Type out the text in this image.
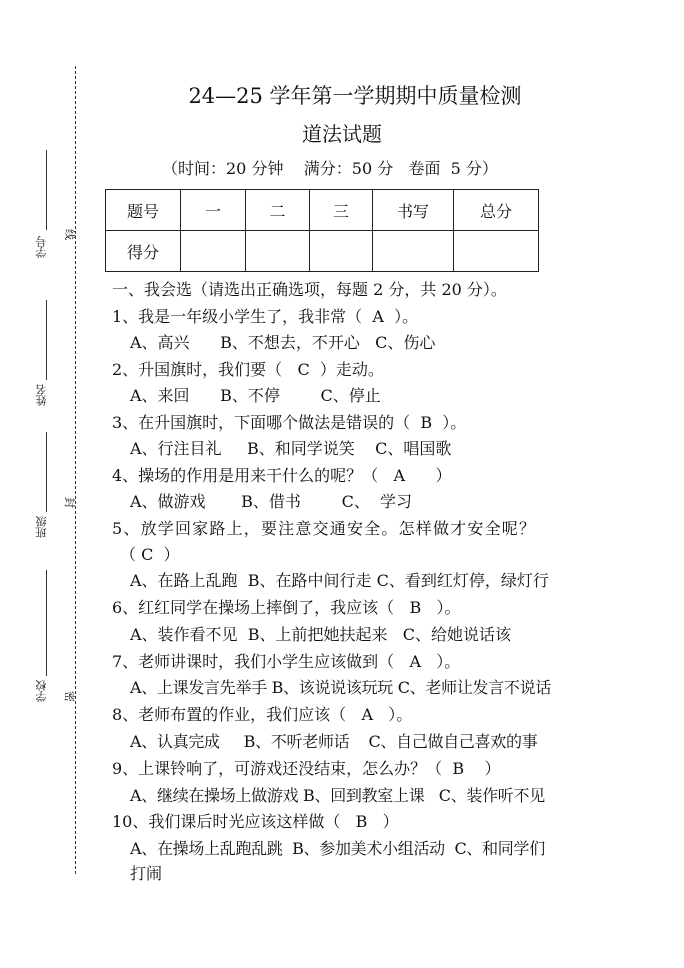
学号
姓名
班级
学校
线
封
密
24—25 学年第一学期期中质量检测
道法试题
（时间：20 分钟    满分：50 分   卷面  5 分）
题号	一	二	三	书写	总分
得分					
一、我会选（请选出正确选项，每题 2 分，共 20 分）。
1、我是一年级小学生了，我非常（  A  ）。
A、高兴      B、不想去，不开心   C、伤心
2、升国旗时，我们要（   C  ）走动。
A、来回      B、不停        C、停止
3、在升国旗时，下面哪个做法是错误的（  B  ）。
A、行注目礼     B、和同学说笑    C、唱国歌
4、操场的作用是用来干什么的呢？（   A      ）
A、做游戏       B、借书        C、  学习
5、放学回家路上，要注意交通安全。怎样做才安全呢？
（ C  ）
A、在路上乱跑  B、在路中间行走 C、看到红灯停，绿灯行
6、红红同学在操场上摔倒了，我应该（   B   ）。
A、装作看不见  B、上前把她扶起来   C、给她说话该
7、老师讲课时，我们小学生应该做到（   A   ）。
A、上课发言先举手 B、该说说该玩玩 C、老师让发言不说话
8、老师布置的作业，我们应该（   A   ）。
A、认真完成     B、不听老师话    C、自己做自己喜欢的事
9、上课铃响了，可游戏还没结束，怎么办？（  B    ）
A、继续在操场上做游戏 B、回到教室上课   C、装作听不见
10、我们课后时光应该这样做（   B   ）
A、在操场上乱跑乱跳  B、参加美术小组活动  C、和同学们
打闹
